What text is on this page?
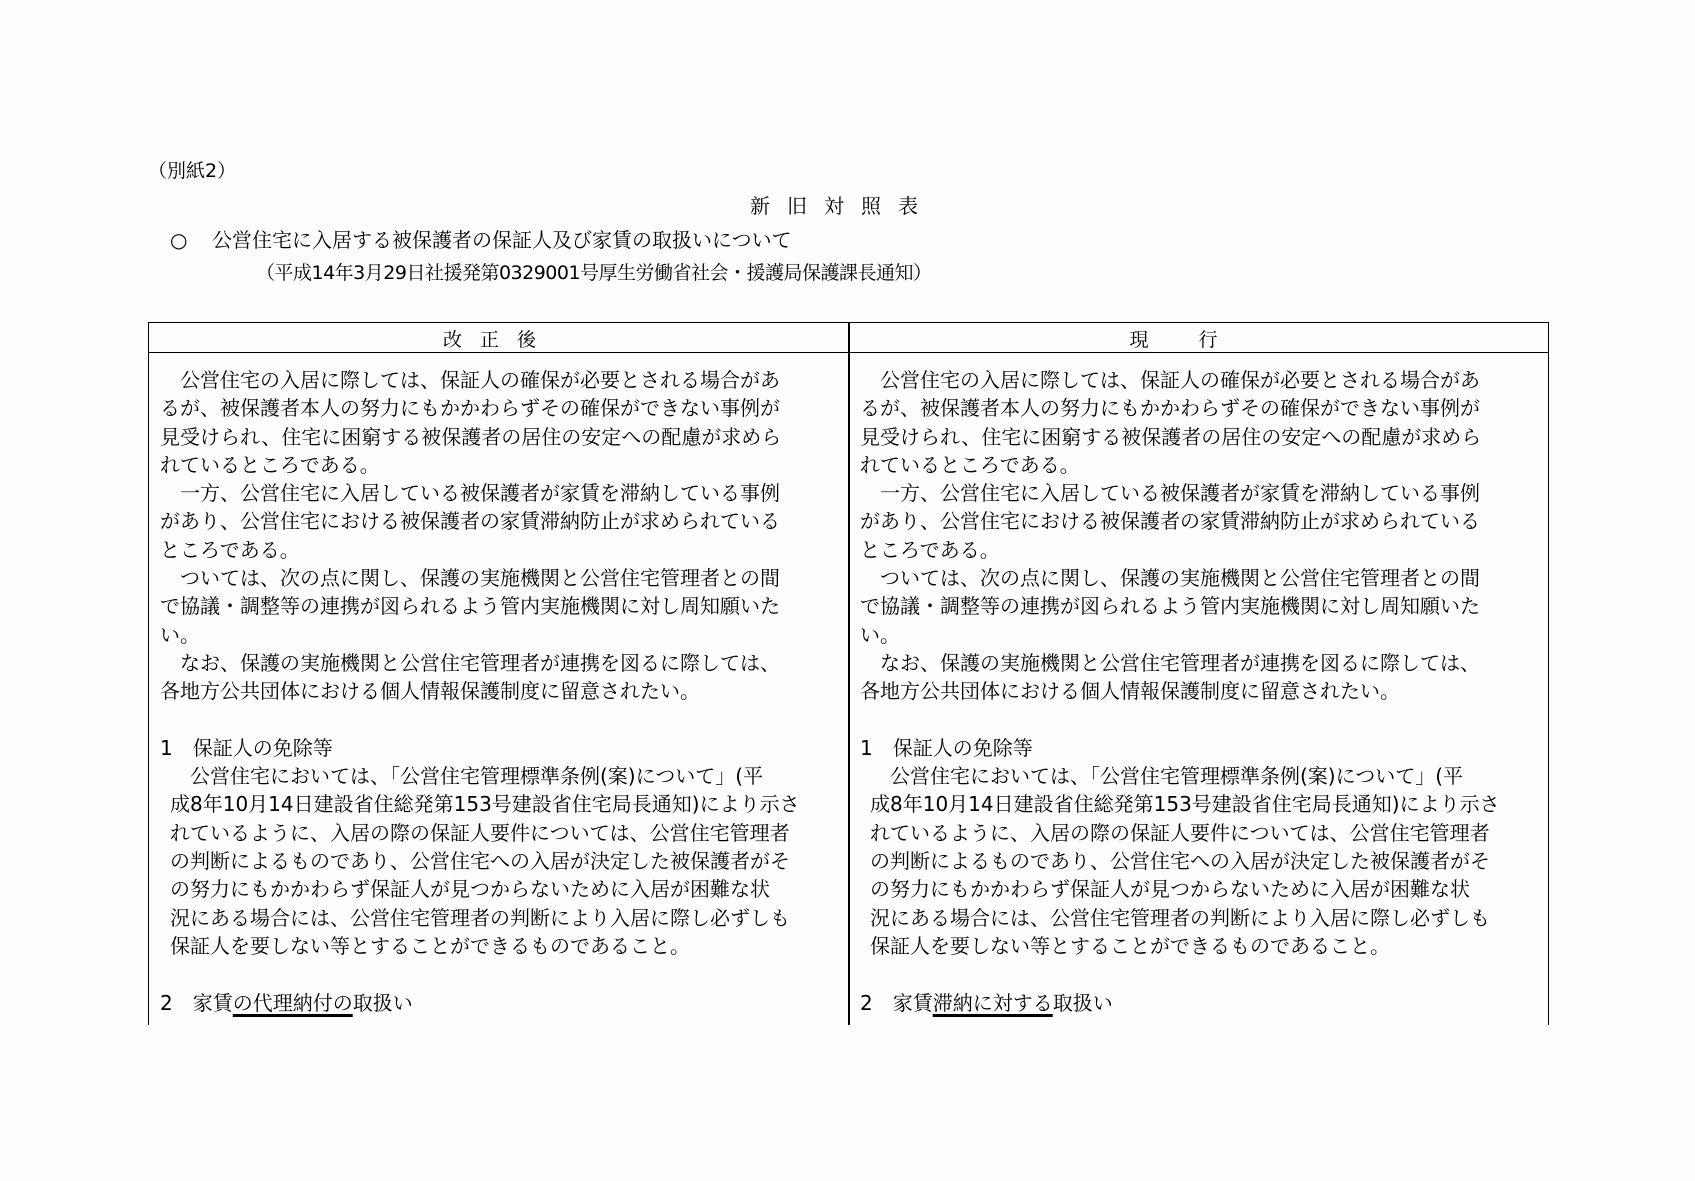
（別紙2）
新旧対照表
○ 公営住宅に入居する被保護者の保証人及び家賃の取扱いについて
（平成14年3月29日社援発第0329001号厚生労働省社会・援護局保護課長通知）
改正後	現行
　公営住宅の入居に際しては、保証人の確保が必要とされる場合があ
るが、被保護者本人の努力にもかかわらずその確保ができない事例が
見受けられ、住宅に困窮する被保護者の居住の安定への配慮が求めら
れているところである。
　一方、公営住宅に入居している被保護者が家賃を滞納している事例
があり、公営住宅における被保護者の家賃滞納防止が求められている
ところである。
　ついては、次の点に関し、保護の実施機関と公営住宅管理者との間
で協議・調整等の連携が図られるよう管内実施機関に対し周知願いた
い。
　なお、保護の実施機関と公営住宅管理者が連携を図るに際しては、
各地方公共団体における個人情報保護制度に留意されたい。
1　保証人の免除等
　公営住宅においては、「公営住宅管理標準条例(案)について」(平
成8年10月14日建設省住総発第153号建設省住宅局長通知)により示さ
れているように、入居の際の保証人要件については、公営住宅管理者
の判断によるものであり、公営住宅への入居が決定した被保護者がそ
の努力にもかかわらず保証人が見つからないために入居が困難な状
況にある場合には、公営住宅管理者の判断により入居に際し必ずしも
保証人を要しない等とすることができるものであること。
2　家賃の代理納付の取扱い
　公営住宅の入居に際しては、保証人の確保が必要とされる場合があ
るが、被保護者本人の努力にもかかわらずその確保ができない事例が
見受けられ、住宅に困窮する被保護者の居住の安定への配慮が求めら
れているところである。
　一方、公営住宅に入居している被保護者が家賃を滞納している事例
があり、公営住宅における被保護者の家賃滞納防止が求められている
ところである。
　ついては、次の点に関し、保護の実施機関と公営住宅管理者との間
で協議・調整等の連携が図られるよう管内実施機関に対し周知願いた
い。
　なお、保護の実施機関と公営住宅管理者が連携を図るに際しては、
各地方公共団体における個人情報保護制度に留意されたい。
1　保証人の免除等
　公営住宅においては、「公営住宅管理標準条例(案)について」(平
成8年10月14日建設省住総発第153号建設省住宅局長通知)により示さ
れているように、入居の際の保証人要件については、公営住宅管理者
の判断によるものであり、公営住宅への入居が決定した被保護者がそ
の努力にもかかわらず保証人が見つからないために入居が困難な状
況にある場合には、公営住宅管理者の判断により入居に際し必ずしも
保証人を要しない等とすることができるものであること。
2　家賃滞納に対する取扱い
